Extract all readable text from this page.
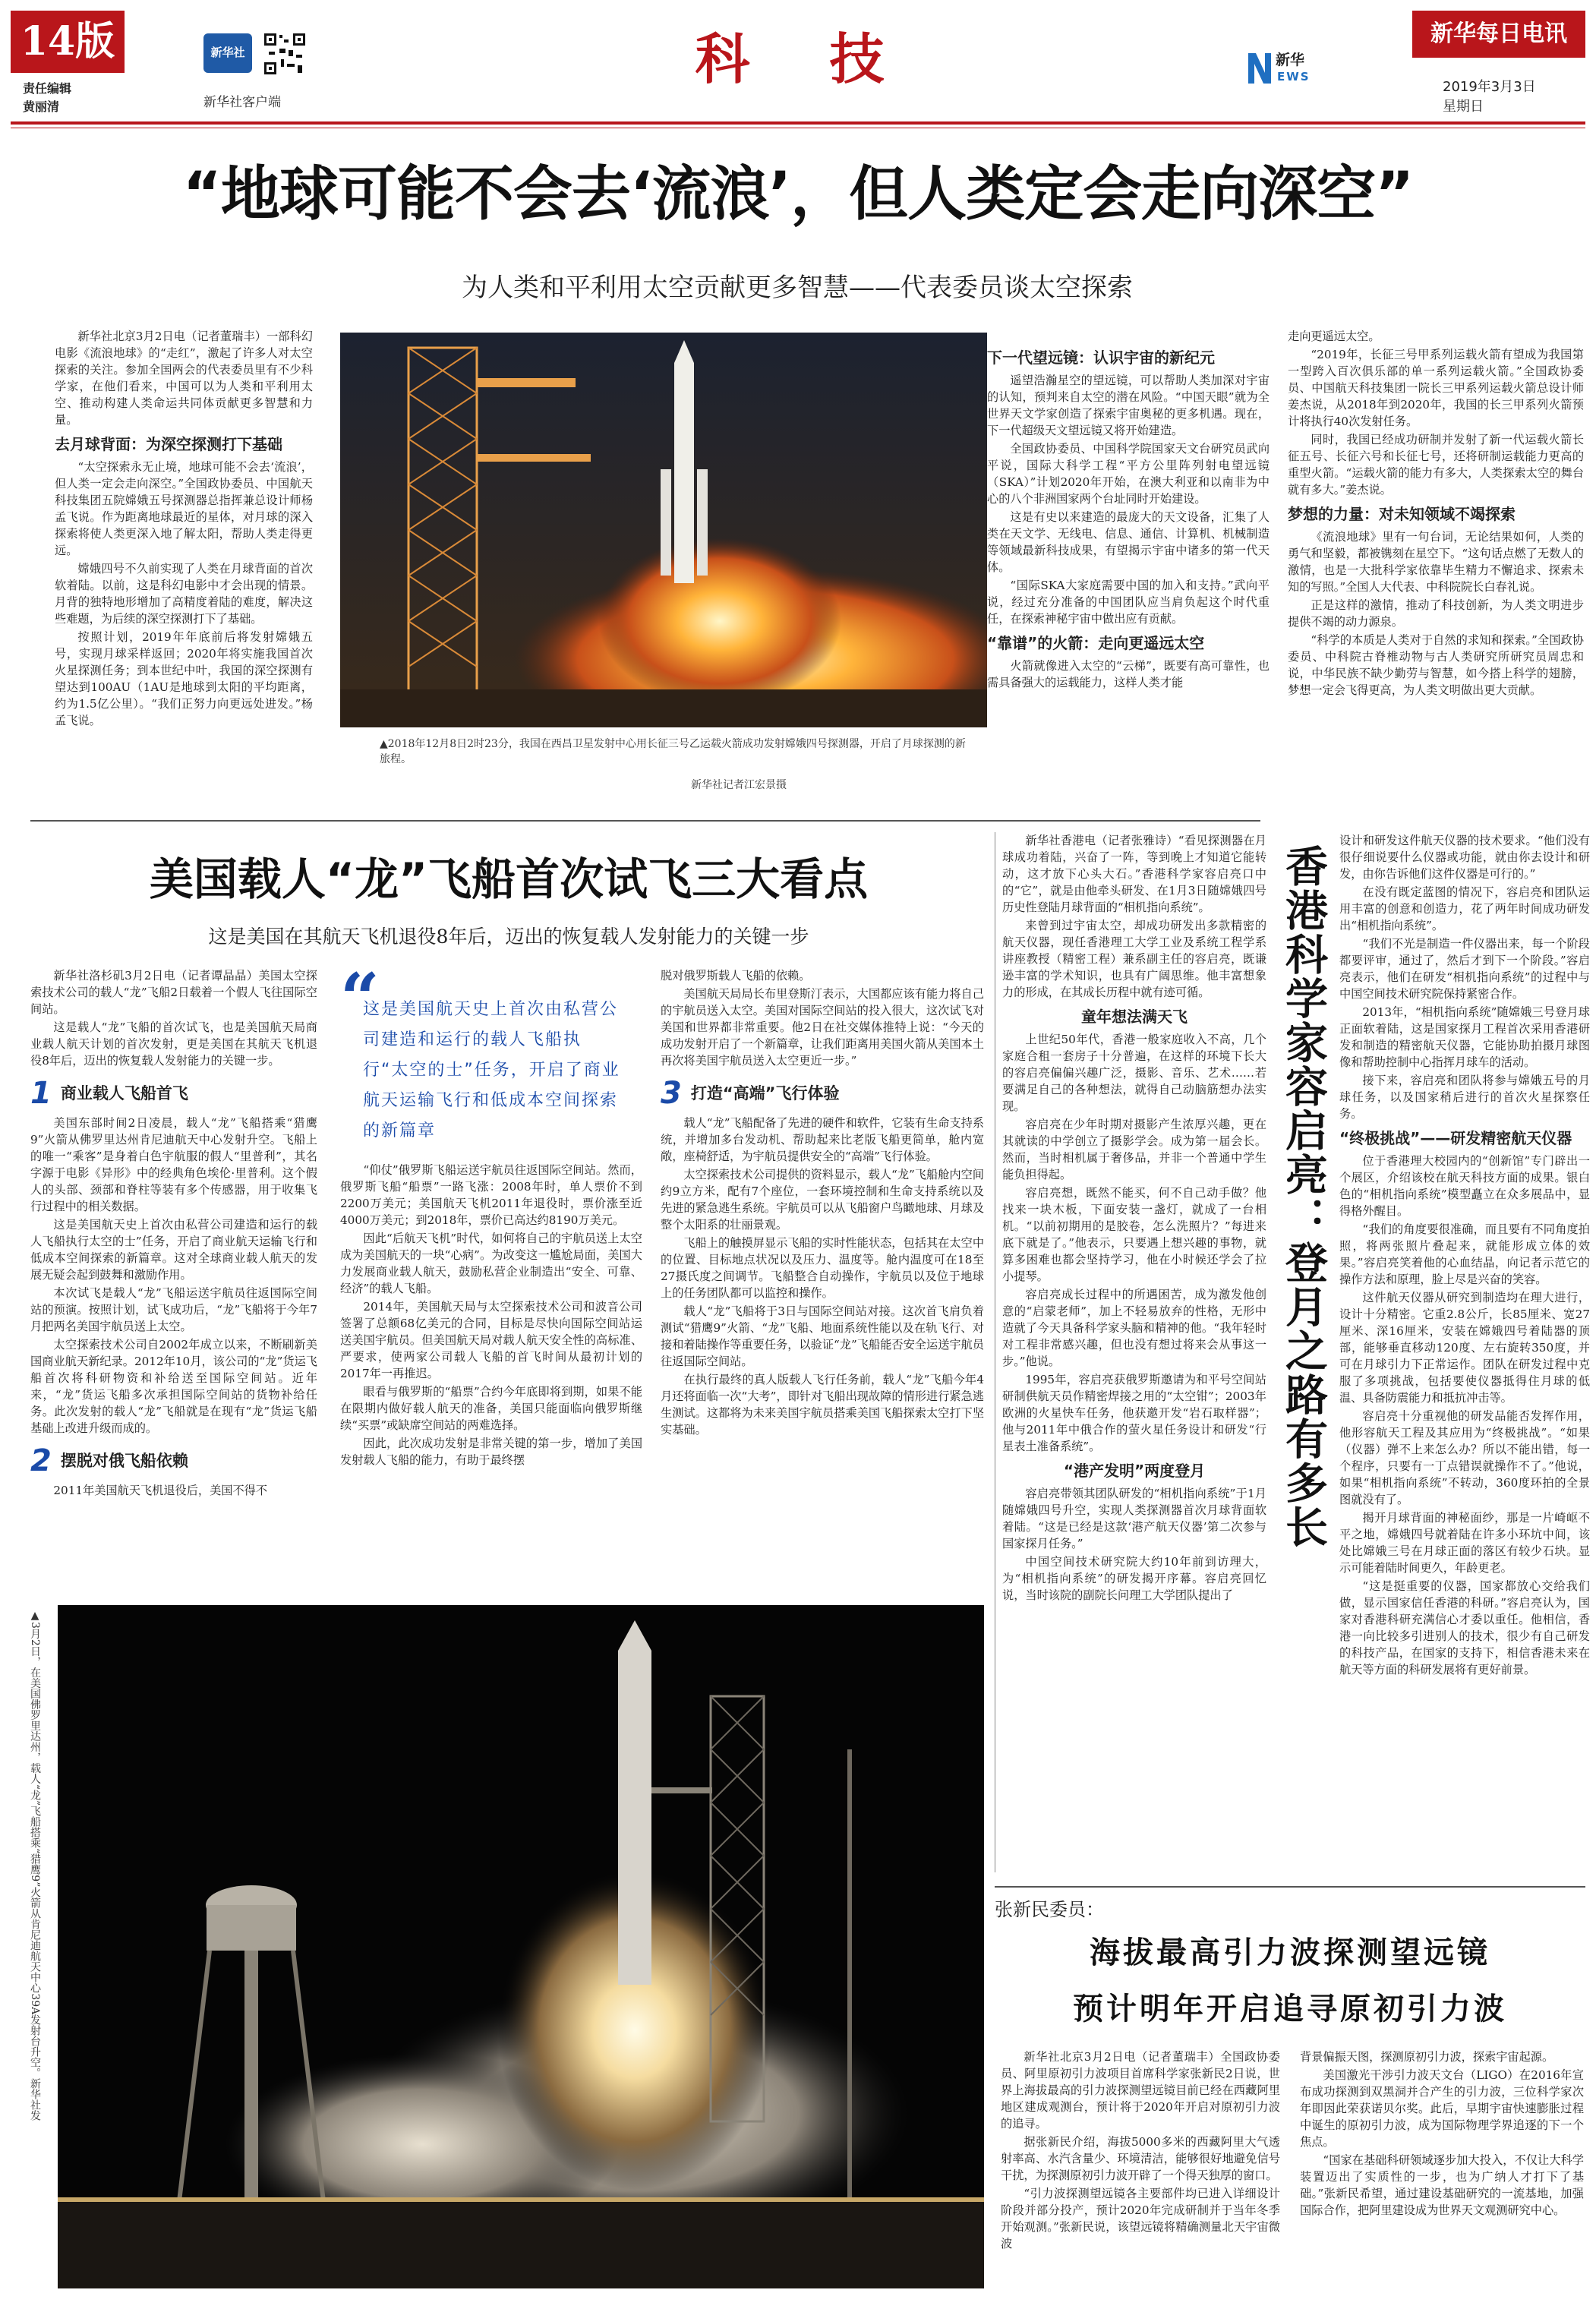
14版
责任编辑
黄丽清
新华社
新华社客户端
科 技	新华
EWS
新华每日电讯
2019年3月3日
星期日
“地球可能不会去‘流浪’，但人类定会走向深空”
为人类和平利用太空贡献更多智慧——代表委员谈太空探索

新华社北京3月2日电（记者董瑞丰）一部科幻电影《流浪地球》的“走红”，激起了许多人对太空探索的关注。参加全国两会的代表委员里有不少科学家，在他们看来，中国可以为人类和平利用太空、推动构建人类命运共同体贡献更多智慧和力量。

去月球背面：为深空探测打下基础

“太空探索永无止境，地球可能不会去‘流浪’，但人类一定会走向深空。”全国政协委员、中国航天科技集团五院嫦娥五号探测器总指挥兼总设计师杨孟飞说。作为距离地球最近的星体，对月球的深入探索将使人类更深入地了解太阳，帮助人类走得更远。

嫦娥四号不久前实现了人类在月球背面的首次软着陆。以前，这是科幻电影中才会出现的情景。月背的独特地形增加了高精度着陆的难度，解决这些难题，为后续的深空探测打下了基础。

按照计划，2019年年底前后将发射嫦娥五号，实现月球采样返回；2020年将实施我国首次火星探测任务；到本世纪中叶，我国的深空探测有望达到100AU（1AU是地球到太阳的平均距离，约为1.5亿公里）。“我们正努力向更远处进发。”杨孟飞说。

▲2018年12月8日2时23分，我国在西昌卫星发射中心用长征三号乙运载火箭成功发射嫦娥四号探测器，开启了月球探测的新旅程。
新华社记者江宏景摄
下一代望远镜：认识宇宙的新纪元

遥望浩瀚星空的望远镜，可以帮助人类加深对宇宙的认知，预判来自太空的潜在风险。“中国天眼”就为全世界天文学家创造了探索宇宙奥秘的更多机遇。现在，下一代超级天文望远镜又将开始建造。

全国政协委员、中国科学院国家天文台研究员武向平说，国际大科学工程“平方公里阵列射电望远镜（SKA）”计划2020年开始，在澳大利亚和以南非为中心的八个非洲国家两个台址同时开始建设。

这是有史以来建造的最庞大的天文设备，汇集了人类在天文学、无线电、信息、通信、计算机、机械制造等领域最新科技成果，有望揭示宇宙中诸多的第一代天体。

“国际SKA大家庭需要中国的加入和支持。”武向平说，经过充分准备的中国团队应当肩负起这个时代重任，在探索神秘宇宙中做出应有贡献。

“靠谱”的火箭：走向更遥远太空

火箭就像进入太空的“云梯”，既要有高可靠性，也需具备强大的运载能力，这样人类才能

走向更遥远太空。

“2019年，长征三号甲系列运载火箭有望成为我国第一型跨入百次俱乐部的单一系列运载火箭。”全国政协委员、中国航天科技集团一院长三甲系列运载火箭总设计师姜杰说，从2018年到2020年，我国的长三甲系列火箭预计将执行40次发射任务。

同时，我国已经成功研制并发射了新一代运载火箭长征五号、长征六号和长征七号，还将研制运载能力更高的重型火箭。“运载火箭的能力有多大，人类探索太空的舞台就有多大。”姜杰说。

梦想的力量：对未知领域不竭探索

《流浪地球》里有一句台词，无论结果如何，人类的勇气和坚毅，都被镌刻在星空下。“这句话点燃了无数人的激情，也是一大批科学家依靠毕生精力不懈追求、探索未知的写照。”全国人大代表、中科院院长白春礼说。

正是这样的激情，推动了科技创新，为人类文明进步提供不竭的动力源泉。

“科学的本质是人类对于自然的求知和探索。”全国政协委员、中科院古脊椎动物与古人类研究所研究员周忠和说，中华民族不缺少勤劳与智慧，如今搭上科学的翅膀，梦想一定会飞得更高，为人类文明做出更大贡献。

美国载人“龙”飞船首次试飞三大看点
这是美国在其航天飞机退役8年后，迈出的恢复载人发射能力的关键一步

新华社洛杉矶3月2日电（记者谭晶晶）美国太空探索技术公司的载人“龙”飞船2日载着一个假人飞往国际空间站。

这是载人“龙”飞船的首次试飞，也是美国航天局商业载人航天计划的首次发射，更是美国在其航天飞机退役8年后，迈出的恢复载人发射能力的关键一步。

1 商业载人飞船首飞

美国东部时间2日凌晨，载人“龙”飞船搭乘“猎鹰9”火箭从佛罗里达州肯尼迪航天中心发射升空。飞船上的唯一“乘客”是身着白色宇航服的假人“里普利”，其名字源于电影《异形》中的经典角色埃伦·里普利。这个假人的头部、颈部和脊柱等装有多个传感器，用于收集飞行过程中的相关数据。

这是美国航天史上首次由私营公司建造和运行的载人飞船执行太空的士”任务，开启了商业航天运输飞行和低成本空间探索的新篇章。这对全球商业载人航天的发展无疑会起到鼓舞和激励作用。

本次试飞是载人“龙”飞船运送宇航员往返国际空间站的预演。按照计划，试飞成功后，“龙”飞船将于今年7月把两名美国宇航员送上太空。

太空探索技术公司自2002年成立以来，不断刷新美国商业航天新纪录。2012年10月，该公司的“龙”货运飞船首次将科研物资和补给送至国际空间站。近年来，“龙”货运飞船多次承担国际空间站的货物补给任务。此次发射的载人“龙”飞船就是在现有“龙”货运飞船基础上改进升级而成的。

2 摆脱对俄飞船依赖

2011年美国航天飞机退役后，美国不得不

“
这是美国航天史上首次由私营公司建造和运行的载人飞船执行“太空的士”任务，开启了商业航天运输飞行和低成本空间探索的新篇章

“仰仗”俄罗斯飞船运送宇航员往返国际空间站。然而，俄罗斯飞船“船票”一路飞涨：2008年时，单人票价不到2200万美元；美国航天飞机2011年退役时，票价涨至近4000万美元；到2018年，票价已高达约8190万美元。

因此“后航天飞机”时代，如何将自己的宇航员送上太空成为美国航天的一块“心病”。为改变这一尴尬局面，美国大力发展商业载人航天，鼓励私营企业制造出“安全、可靠、经济”的载人飞船。

2014年，美国航天局与太空探索技术公司和波音公司签署了总额68亿美元的合同，目标是尽快向国际空间站运送美国宇航员。但美国航天局对载人航天安全性的高标准、严要求，使两家公司载人飞船的首飞时间从最初计划的2017年一再推迟。

眼看与俄罗斯的“船票”合约今年底即将到期，如果不能在限期内做好载人航天的准备，美国只能面临向俄罗斯继续“买票”或缺席空间站的两难选择。

因此，此次成功发射是非常关键的第一步，增加了美国发射载人飞船的能力，有助于最终摆

脱对俄罗斯载人飞船的依赖。

美国航天局局长布里登斯汀表示，大国都应该有能力将自己的宇航员送入太空。美国对国际空间站的投入很大，这次试飞对美国和世界都非常重要。他2日在社交媒体推特上说：“今天的成功发射开启了一个新篇章，让我们距离用美国火箭从美国本土再次将美国宇航员送入太空更近一步。”

3 打造“高端”飞行体验

载人“龙”飞船配备了先进的硬件和软件，它装有生命支持系统，并增加多台发动机、帮助起来比老版飞船更简单，舱内宽敞，座椅舒适，为宇航员提供安全的“高端”飞行体验。

太空探索技术公司提供的资料显示，载人“龙”飞船舱内空间约9立方米，配有7个座位，一套环境控制和生命支持系统以及先进的紧急逃生系统。宇航员可以从飞船窗户鸟瞰地球、月球及整个太阳系的壮丽景观。

飞船上的触摸屏显示飞船的实时性能状态，包括其在太空中的位置、目标地点状况以及压力、温度等。舱内温度可在18至27摄氏度之间调节。飞船整合自动操作，宇航员以及位于地球上的任务团队都可以监控和操作。

载人“龙”飞船将于3日与国际空间站对接。这次首飞肩负着测试“猎鹰9”火箭、“龙”飞船、地面系统性能以及在轨飞行、对接和着陆操作等重要任务，以验证“龙”飞船能否安全运送宇航员往返国际空间站。

在执行最终的真人版载人飞行任务前，载人“龙”飞船今年4月还将面临一次“大考”，即针对飞船出现故障的情形进行紧急逃生测试。这都将为未来美国宇航员搭乘美国飞船探索太空打下坚实基础。

▲3月2日，在美国佛罗里达州，载人“龙”飞船搭乘“猎鹰9”火箭从肯尼迪航天中心39A发射台升空。新华社发

新华社香港电（记者张雅诗）“看见探测器在月球成功着陆，兴奋了一阵，等到晚上才知道它能转动，这才放下心头大石。”香港科学家容启亮口中的“它”，就是由他牵头研发、在1月3日随嫦娥四号历史性登陆月球背面的“相机指向系统”。

来曾到过宇宙太空，却成功研发出多款精密的航天仪器，现任香港理工大学工业及系统工程学系讲座教授（精密工程）兼系副主任的容启亮，既谦逊丰富的学术知识，也具有广阔思维。他丰富想象力的形成，在其成长历程中就有迹可循。

童年想法满天飞

上世纪50年代，香港一般家庭收入不高，几个家庭合租一套房子十分普遍，在这样的环境下长大的容启亮偏偏兴趣广泛，摄影、音乐、艺术……若要满足自己的各种想法，就得自己动脑筋想办法实现。

容启亮在少年时期对摄影产生浓厚兴趣，更在其就读的中学创立了摄影学会。成为第一届会长。然而，当时相机属于奢侈品，并非一个普通中学生能负担得起。

容启亮想，既然不能买，何不自己动手做？他找来一块木板，下面安装一盏灯，就成了一台相机。“以前初期用的是胶卷，怎么洗照片？”每进来底下就是了。”他表示，只要遇上想兴趣的事物，就算多困难也都会坚持学习，他在小时候还学会了拉小提琴。

容启亮成长过程中的所遇困苦，成为激发他创意的“启蒙老师”，加上不轻易放弃的性格，无形中造就了今天具备科学家头脑和精神的他。“我年轻时对工程非常感兴趣，但也没有想过将来会从事这一步。”他说。

1995年，容启亮获俄罗斯邀请为和平号空间站研制供航天员作精密焊接之用的“太空钳”；2003年欧洲的火星快车任务，他获邀开发“岩石取样器”；他与2011年中俄合作的萤火星任务设计和研发“行星表土准备系统”。

“港产发明”两度登月

容启亮带领其团队研发的“相机指向系统”于1月随嫦娥四号升空，实现人类探测器首次月球背面软着陆。“这是已经是这款‘港产航天仪器’第二次参与国家探月任务。”

中国空间技术研究院大约10年前到访理大，为“相机指向系统”的研发揭开序幕。容启亮回忆说，当时该院的副院长问理工大学团队提出了

香港科学家容启亮：登月之路有多长

设计和研发这件航天仪器的技术要求。“他们没有很仔细说要什么仪器或功能，就由你去设计和研发，由你告诉他们这件仪器是可行的。”

在没有既定蓝图的情况下，容启亮和团队运用丰富的创意和创造力，花了两年时间成功研发出“相机指向系统”。

“我们不光是制造一件仪器出来，每一个阶段都要评审，通过了，然后才到下一个阶段。”容启亮表示，他们在研发“相机指向系统”的过程中与中国空间技术研究院保持紧密合作。

2013年，“相机指向系统”随嫦娥三号登月球正面软着陆，这是国家探月工程首次采用香港研发和制造的精密航天仪器，它能协助拍摄月球图像和帮助控制中心指挥月球车的活动。

接下来，容启亮和团队将参与嫦娥五号的月球任务，以及国家稍后进行的首次火星探察任务。

“终极挑战”——研发精密航天仪器

位于香港理大校园内的“创新馆”专门辟出一个展区，介绍该校在航天科技方面的成果。银白色的“相机指向系统”模型矗立在众多展品中，显得格外醒目。

“我们的角度要很准确，而且要有不同角度拍照，将两张照片叠起来，就能形成立体的效果。”容启亮笑着他的心血结晶，向记者示范它的操作方法和原理，脸上尽是兴奋的笑容。

这件航天仪器从研究到制造均在理大进行，设计十分精密。它重2.8公斤，长85厘米、宽27厘米、深16厘米，安装在嫦娥四号着陆器的顶部，能够垂直移动120度、左右旋转350度，并可在月球引力下正常运作。团队在研发过程中克服了多项挑战，包括要使仪器抵得住月球的低温、具备防震能力和抵抗冲击等。

容启亮十分重视他的研发品能否发挥作用，他形容航天工程及其应用为“终极挑战”。“如果（仪器）弹不上来怎么办？所以不能出错，每一个程序，只要有一丁点错误就操作不了。”他说，如果“相机指向系统”不转动，360度环拍的全景图就没有了。

揭开月球背面的神秘面纱，那是一片崎岖不平之地，嫦娥四号就着陆在许多小环坑中间，该处比嫦娥三号在月球正面的落区有较少石块。显示可能着陆时间更久，年龄更老。

“这是挺重要的仪器，国家都放心交给我们做，显示国家信任香港的科研。”容启亮认为，国家对香港科研充满信心才委以重任。他相信，香港一向比较多引进别人的技术，很少有自己研发的科技产品，在国家的支持下，相信香港未来在航天等方面的科研发展将有更好前景。

张新民委员：
海拔最高引力波探测望远镜
预计明年开启追寻原初引力波

新华社北京3月2日电（记者董瑞丰）全国政协委员、阿里原初引力波项目首席科学家张新民2日说，世界上海拔最高的引力波探测望远镜目前已经在西藏阿里地区建成观测台，预计将于2020年开启对原初引力波的追寻。

据张新民介绍，海拔5000多米的西藏阿里大气透射率高、水汽含量少、环境清洁，能够很好地避免信号干扰，为探测原初引力波开辟了一个得天独厚的窗口。

“引力波探测望远镜各主要部件均已进入详细设计阶段并部分投产，预计2020年完成研制并于当年冬季开始观测。”张新民说，该望远镜将精确测量北天宇宙微波

背景偏振天图，探测原初引力波，探索宇宙起源。

美国激光干涉引力波天文台（LIGO）在2016年宣布成功探测到双黑洞并合产生的引力波，三位科学家次年即因此荣获诺贝尔奖。此后，早期宇宙快速膨胀过程中诞生的原初引力波，成为国际物理学界追逐的下一个焦点。

“国家在基础科研领域逐步加大投入，不仅让大科学装置迈出了实质性的一步，也为广纳人才打下了基础。”张新民希望，通过建设基础研究的一流基地，加强国际合作，把阿里建设成为世界天文观测研究中心。
